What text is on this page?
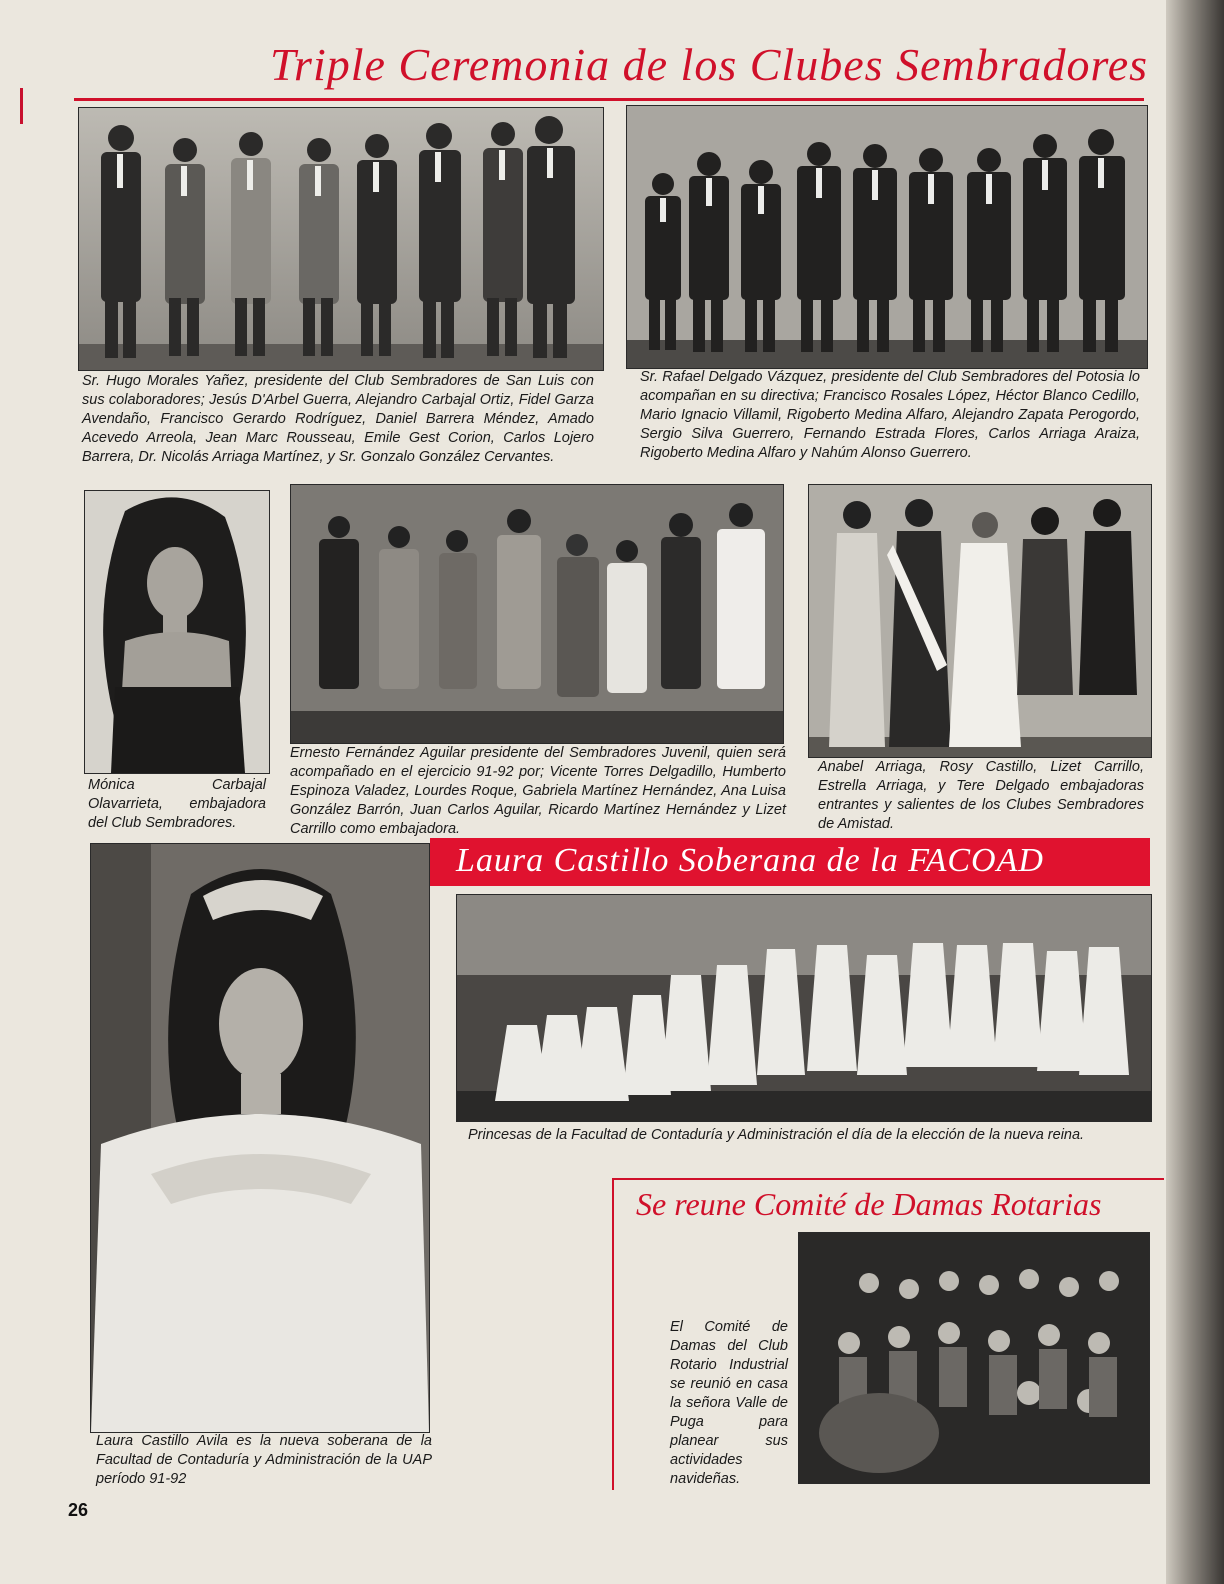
Triple Ceremonia de los Clubes Sembradores
Sr. Hugo Morales Yañez, presidente del Club Sembradores de San Luis con sus colaboradores; Jesús D'Arbel Guerra, Alejandro Carbajal Ortiz, Fidel Garza Avendaño, Francisco Gerardo Rodríguez, Daniel Barrera Méndez, Amado Acevedo Arreola, Jean Marc Rousseau, Emile Gest Corion, Carlos Lojero Barrera, Dr. Nicolás Arriaga Martínez, y Sr. Gonzalo González Cervantes.
Sr. Rafael Delgado Vázquez, presidente del Club Sembradores del Potosia lo acompañan en su directiva; Francisco Rosales López, Héctor Blanco Cedillo, Mario Ignacio Villamil, Rigoberto Medina Alfaro, Alejandro Zapata Perogordo, Sergio Silva Guerrero, Fernando Estrada Flores, Carlos Arriaga Araiza, Rigoberto Medina Alfaro y Nahúm Alonso Guerrero.
Mónica Carbajal Olavarrieta, embajadora del Club Sembradores.
Ernesto Fernández Aguilar presidente del Sembradores Juvenil, quien será acompañado en el ejercicio 91-92 por; Vicente Torres Delgadillo, Humberto Espinoza Valadez, Lourdes Roque, Gabriela Martínez Hernández, Ana Luisa González Barrón, Juan Carlos Aguilar, Ricardo Martínez Hernández y Lizet Carrillo como embajadora.
Anabel Arriaga, Rosy Castillo, Lizet Carrillo, Estrella Arriaga, y Tere Delgado embajadoras entrantes y salientes de los Clubes Sembradores de Amistad.
Laura Castillo Soberana de la FACOAD
Laura Castillo Avila es la nueva soberana de la Facultad de Contaduría y Administración de la UAP período 91-92
Princesas de la Facultad de Contaduría y Administración el día de la elección de la nueva reina.
Se reune Comité de Damas Rotarias
El Comité de Damas del Club Rotario Industrial se reunió en casa la señora Valle de Puga para planear sus actividades navideñas.
26
